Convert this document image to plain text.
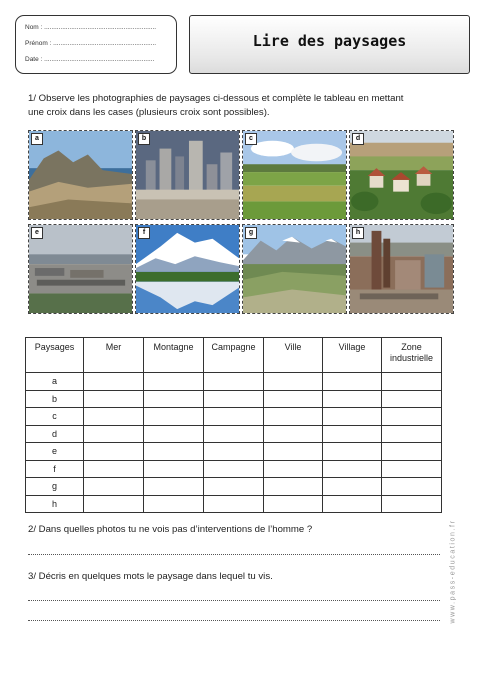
Nom : ..............................................................
Prénom : .........................................................
Date : .............................................................
Lire des paysages
1/ Observe les photographies de paysages ci-dessous et complète le tableau en mettant
une croix dans les cases (plusieurs croix sont possibles).
a	b	c	d
e	f	g	h
Paysages	Mer	Montagne	Campagne	Ville	Village	Zone industrielle
a						
b						
c						
d						
e						
f						
g						
h						
2/ Dans quelles photos tu ne vois pas d’interventions de l’homme ?
3/ Décris en quelques mots le paysage dans lequel tu vis.	www.pass-education.fr
